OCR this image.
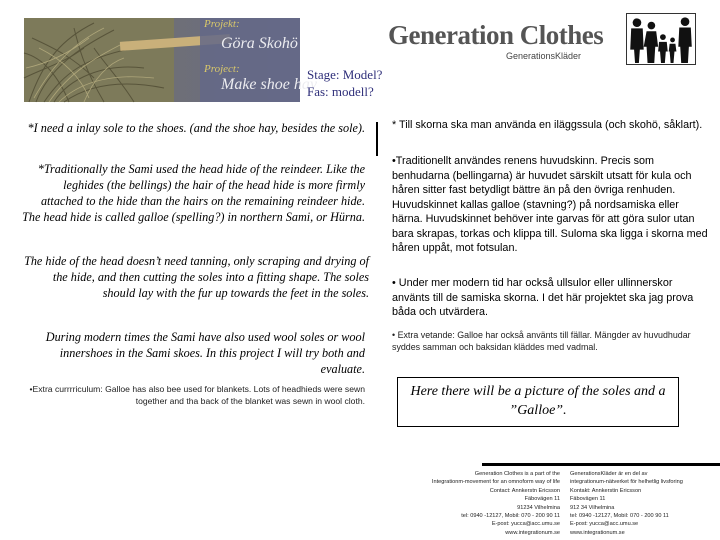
Projekt:
Göra Skohö
Project:
Make shoe hay
Stage: Model?
Fas: modell?
Generation Clothes
GenerationsKläder
*I need a inlay sole to the shoes. (and the shoe hay, besides the sole).
*Traditionally the Sami used the head hide of the reindeer. Like the leghides (the bellings) the hair of the head hide is more firmly attached to the hide than the hairs on the remaining reindeer hide. The head hide is called galloe (spelling?) in northern Sami, or Hürna.
The hide of the head doesn’t need tanning, only scraping and drying of the hide, and then cutting the soles into a fitting shape. The soles should lay with the fur up towards the feet in the soles.
During modern times the Sami have also used wool soles or wool innershoes in the Sami skoes. In this project I will try both and evaluate.
•Extra currrriculum: Galloe has also bee used for blankets. Lots of headhieds were sewn together and tha back of the blanket was sewn in wool cloth.
* Till skorna ska man använda en iläggssula (och skohö, såklart).
•Traditionellt användes renens huvudskinn. Precis som benhudarna (bellingarna) är huvudet särskilt utsatt för kula och håren sitter fast betydligt bättre än på den övriga renhuden. Huvudskinnet kallas galloe (stavning?) på nordsamiska eller härna. Huvudskinnet behöver inte garvas för att göra sulor utan bara skrapas, torkas och klippa till. Suloma ska ligga i skorna med håren uppåt, mot fotsulan.
• Under mer modern tid har också ullsulor eller ullinnerskor använts till de samiska skorna. I det här projektet ska jag prova båda och utvärdera.
• Extra vetande: Galloe har också använts till fällar. Mängder av huvudhudar syddes samman och baksidan kläddes med vadmal.
Here there will be a picture of the soles and a ”Galloe”.
Generation Clothes is a part of the
Integrationm-movement for an omnoform way of life
Contact: Annkerstn Ericsson
Fäbovägen 11
91234 Vilhelmina
tel: 0940 -12127, Mobil: 070 - 200 90 11
E-post: yucca@acc.umu.se
www.integrationum.se
GenerationsKläder är en del av
integrationum-nätverket för helhetlig livsforing
Kontakt: Annkerstin Ericsson
Fäbovägen 11
912 34 Vilhelmina
tel: 0940 -12127, Mobil: 070 - 200 90 11
E-post: yucca@acc.umu.se
www.integrationum.se
